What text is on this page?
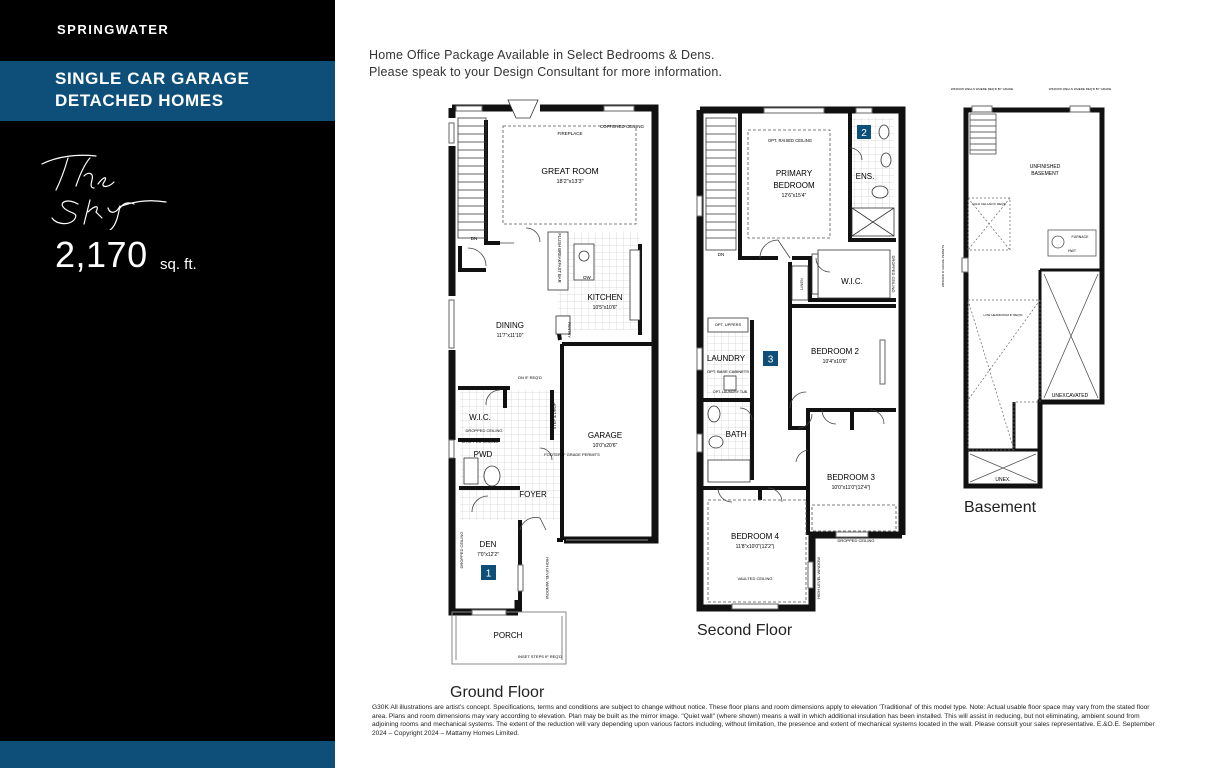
SPRINGWATER
SINGLE CAR GARAGE
DETACHED HOMES
2,170 sq. ft.
Home Office Package Available in Select Bedrooms & Dens.
Please speak to your Design Consultant for more information.
GREAT ROOM
18'2"x13'3"
FIREPLACE
COFFERED CEILING
KITCHEN
10'5"x10'6"
FLUSH BREAKFAST BAR	DW
DINING
11'7"x11'10"	PANTRY
GARAGE
10'0"x20'6"
FOOTER IF GRADE PERMITS
W.I.C.
DROPPED CEILING
DROPPED CEILING
PWD
FOYER
DEN
7'0"x12'2"
DROPPED CEILING
1
PORCH
DN
DN IF REQ'D
STEP & DROP
HIGH LEVEL WINDOW
INSET STEPS IF REQ'D
Ground Floor
PRIMARY
BEDROOM
12'6"x15'4"
OPT. RAISED CEILING
ENS.
2
W.I.C.	DROPPED CEILING
LINEN
LAUNDRY
OPT. UPPERS
OPT. BASE CABINETS
OPT. LAUNDRY TUB
3
BEDROOM 2
10'4"x10'6"
BATH
BEDROOM 3
10'0"x11'0"(12'4")
DROPPED CEILING
BEDROOM 4
11'8"x10'0"(12'2")
VAULTED CEILING
DN
HIGH LEVEL WINDOW
Second Floor
UNFINISHED
BASEMENT
UNEXCAVATED
UNEX.
WINDOW WELLS WHERE REQ'D BY GRADE	WINDOW WELLS WHERE REQ'D BY GRADE
LOW HEADROOM IF REQ'D
HWT
FURNACE
WINDOW IF GRADE PERMITS
COLD CELLAR IF REQ'D
Basement
G30K All illustrations are artist's concept. Specifications, terms and conditions are subject to change without notice. These floor plans and room dimensions apply to elevation 'Traditional' of this model type. Note: Actual usable floor space may vary from the stated floor area. Plans and room dimensions may vary according to elevation. Plan may be built as the mirror image. "Quiet wall" (where shown) means a wall in which additional insulation has been installed. This will assist in reducing, but not eliminating, ambient sound from adjoining rooms and mechanical systems. The extent of the reduction will vary depending upon various factors including, without limitation, the presence and extent of mechanical systems located in the wall. Please consult your sales representative. E.&O.E. September 2024 – Copyright 2024 – Mattamy Homes Limited.
